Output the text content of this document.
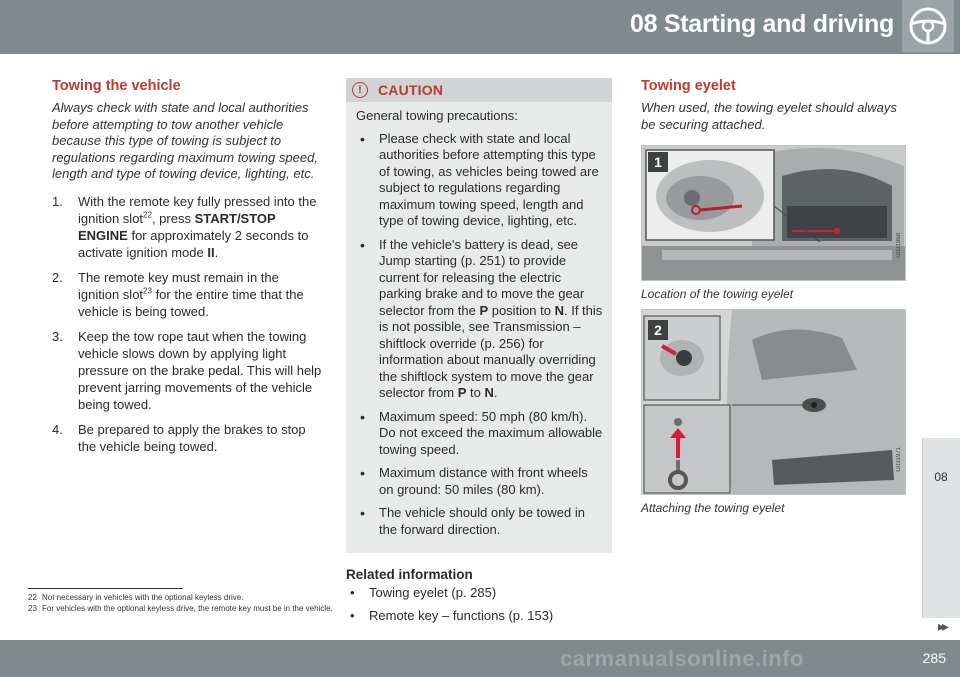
08 Starting and driving
Towing the vehicle

Always check with state and local authorities before attempting to tow another vehicle because this type of towing is subject to regulations regarding maximum towing speed, length and type of towing device, lighting, etc.

1. With the remote key fully pressed into the ignition slot$^{22}$, press START/STOP ENGINE for approximately 2 seconds to activate ignition mode II.
2. The remote key must remain in the ignition slot$^{23}$ for the entire time that the vehicle is being towed.
3. Keep the tow rope taut when the towing vehicle slows down by applying light pressure on the brake pedal. This will help prevent jarring movements of the vehicle being towed.
4. Be prepared to apply the brakes to stop the vehicle being towed.
!	CAUTION

General towing precautions:

• Please check with state and local authorities before attempting this type of towing, as vehicles being towed are subject to regulations regarding maximum towing speed, length and type of towing device, lighting, etc.
• If the vehicle's battery is dead, see Jump starting (p. 251) to provide current for releasing the electric parking brake and to move the gear selector from the P position to N. If this is not possible, see Transmission – shiftlock override (p. 256) for information about manually overriding the shiftlock system to move the gear selector from P to N.
• Maximum speed: 50 mph (80 km/h). Do not exceed the maximum allowable towing speed.
• Maximum distance with front wheels on ground: 50 miles (80 km).
• The vehicle should only be towed in the forward direction.
Related information
• Towing eyelet (p. 285)
• Remote key – functions (p. 153)
Towing eyelet

When used, the towing eyelet should always be securing attached.

1
G031968
Location of the towing eyelet
2
G031971
Attaching the towing eyelet
08
▸▸
22 Not necessary in vehicles with the optional keyless drive.
23 For vehicles with the optional keyless drive, the remote key must be in the vehicle.
carmanualsonline.info	285
